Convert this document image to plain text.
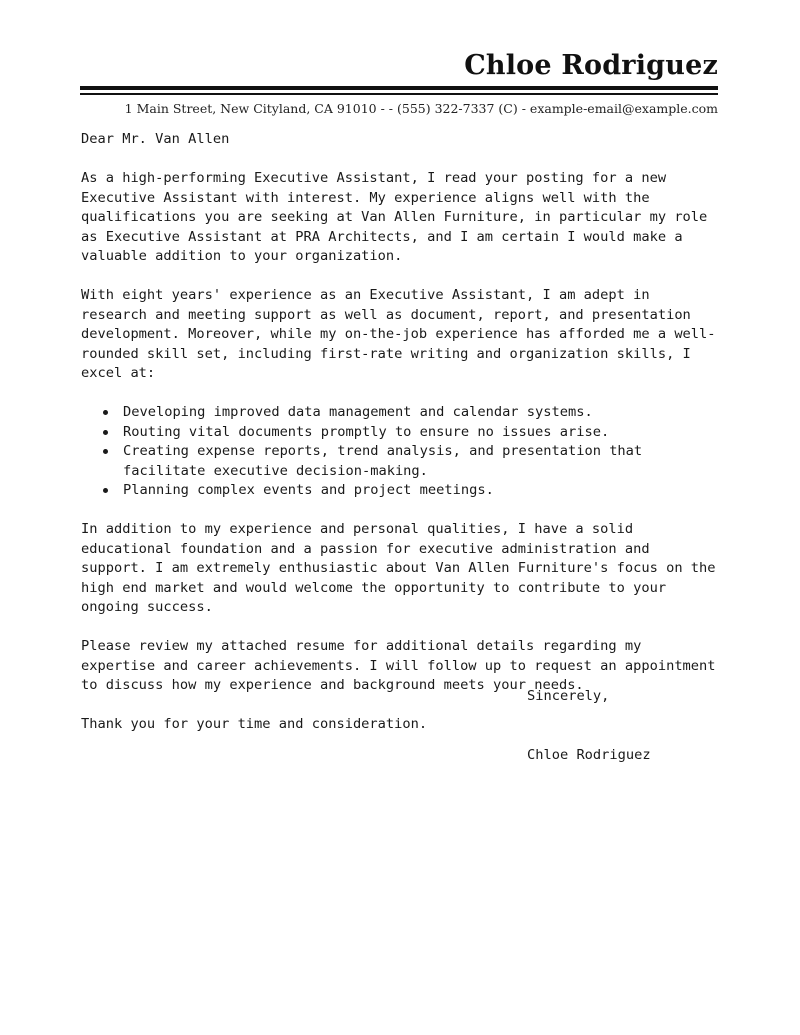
Chloe Rodriguez
1 Main Street, New Cityland, CA 91010 - - (555) 322-7337 (C) - example-email@example.com
Dear Mr. Van Allen

As a high-performing Executive Assistant, I read your posting for a new Executive Assistant with interest. My experience aligns well with the qualifications you are seeking at Van Allen Furniture, in particular my role as Executive Assistant at PRA Architects, and I am certain I would make a valuable addition to your organization.

With eight years' experience as an Executive Assistant, I am adept in research and meeting support as well as document, report, and presentation development. Moreover, while my on-the-job experience has afforded me a well-rounded skill set, including first-rate writing and organization skills, I excel at:

Developing improved data management and calendar systems.
Routing vital documents promptly to ensure no issues arise.
Creating expense reports, trend analysis, and presentation that facilitate executive decision-making.
Planning complex events and project meetings.

In addition to my experience and personal qualities, I have a solid educational foundation and a passion for executive administration and support. I am extremely enthusiastic about Van Allen Furniture's focus on the high end market and would welcome the opportunity to contribute to your ongoing success.

Please review my attached resume for additional details regarding my expertise and career achievements. I will follow up to request an appointment to discuss how my experience and background meets your needs.

Thank you for your time and consideration.

Sincerely,
Chloe Rodriguez
